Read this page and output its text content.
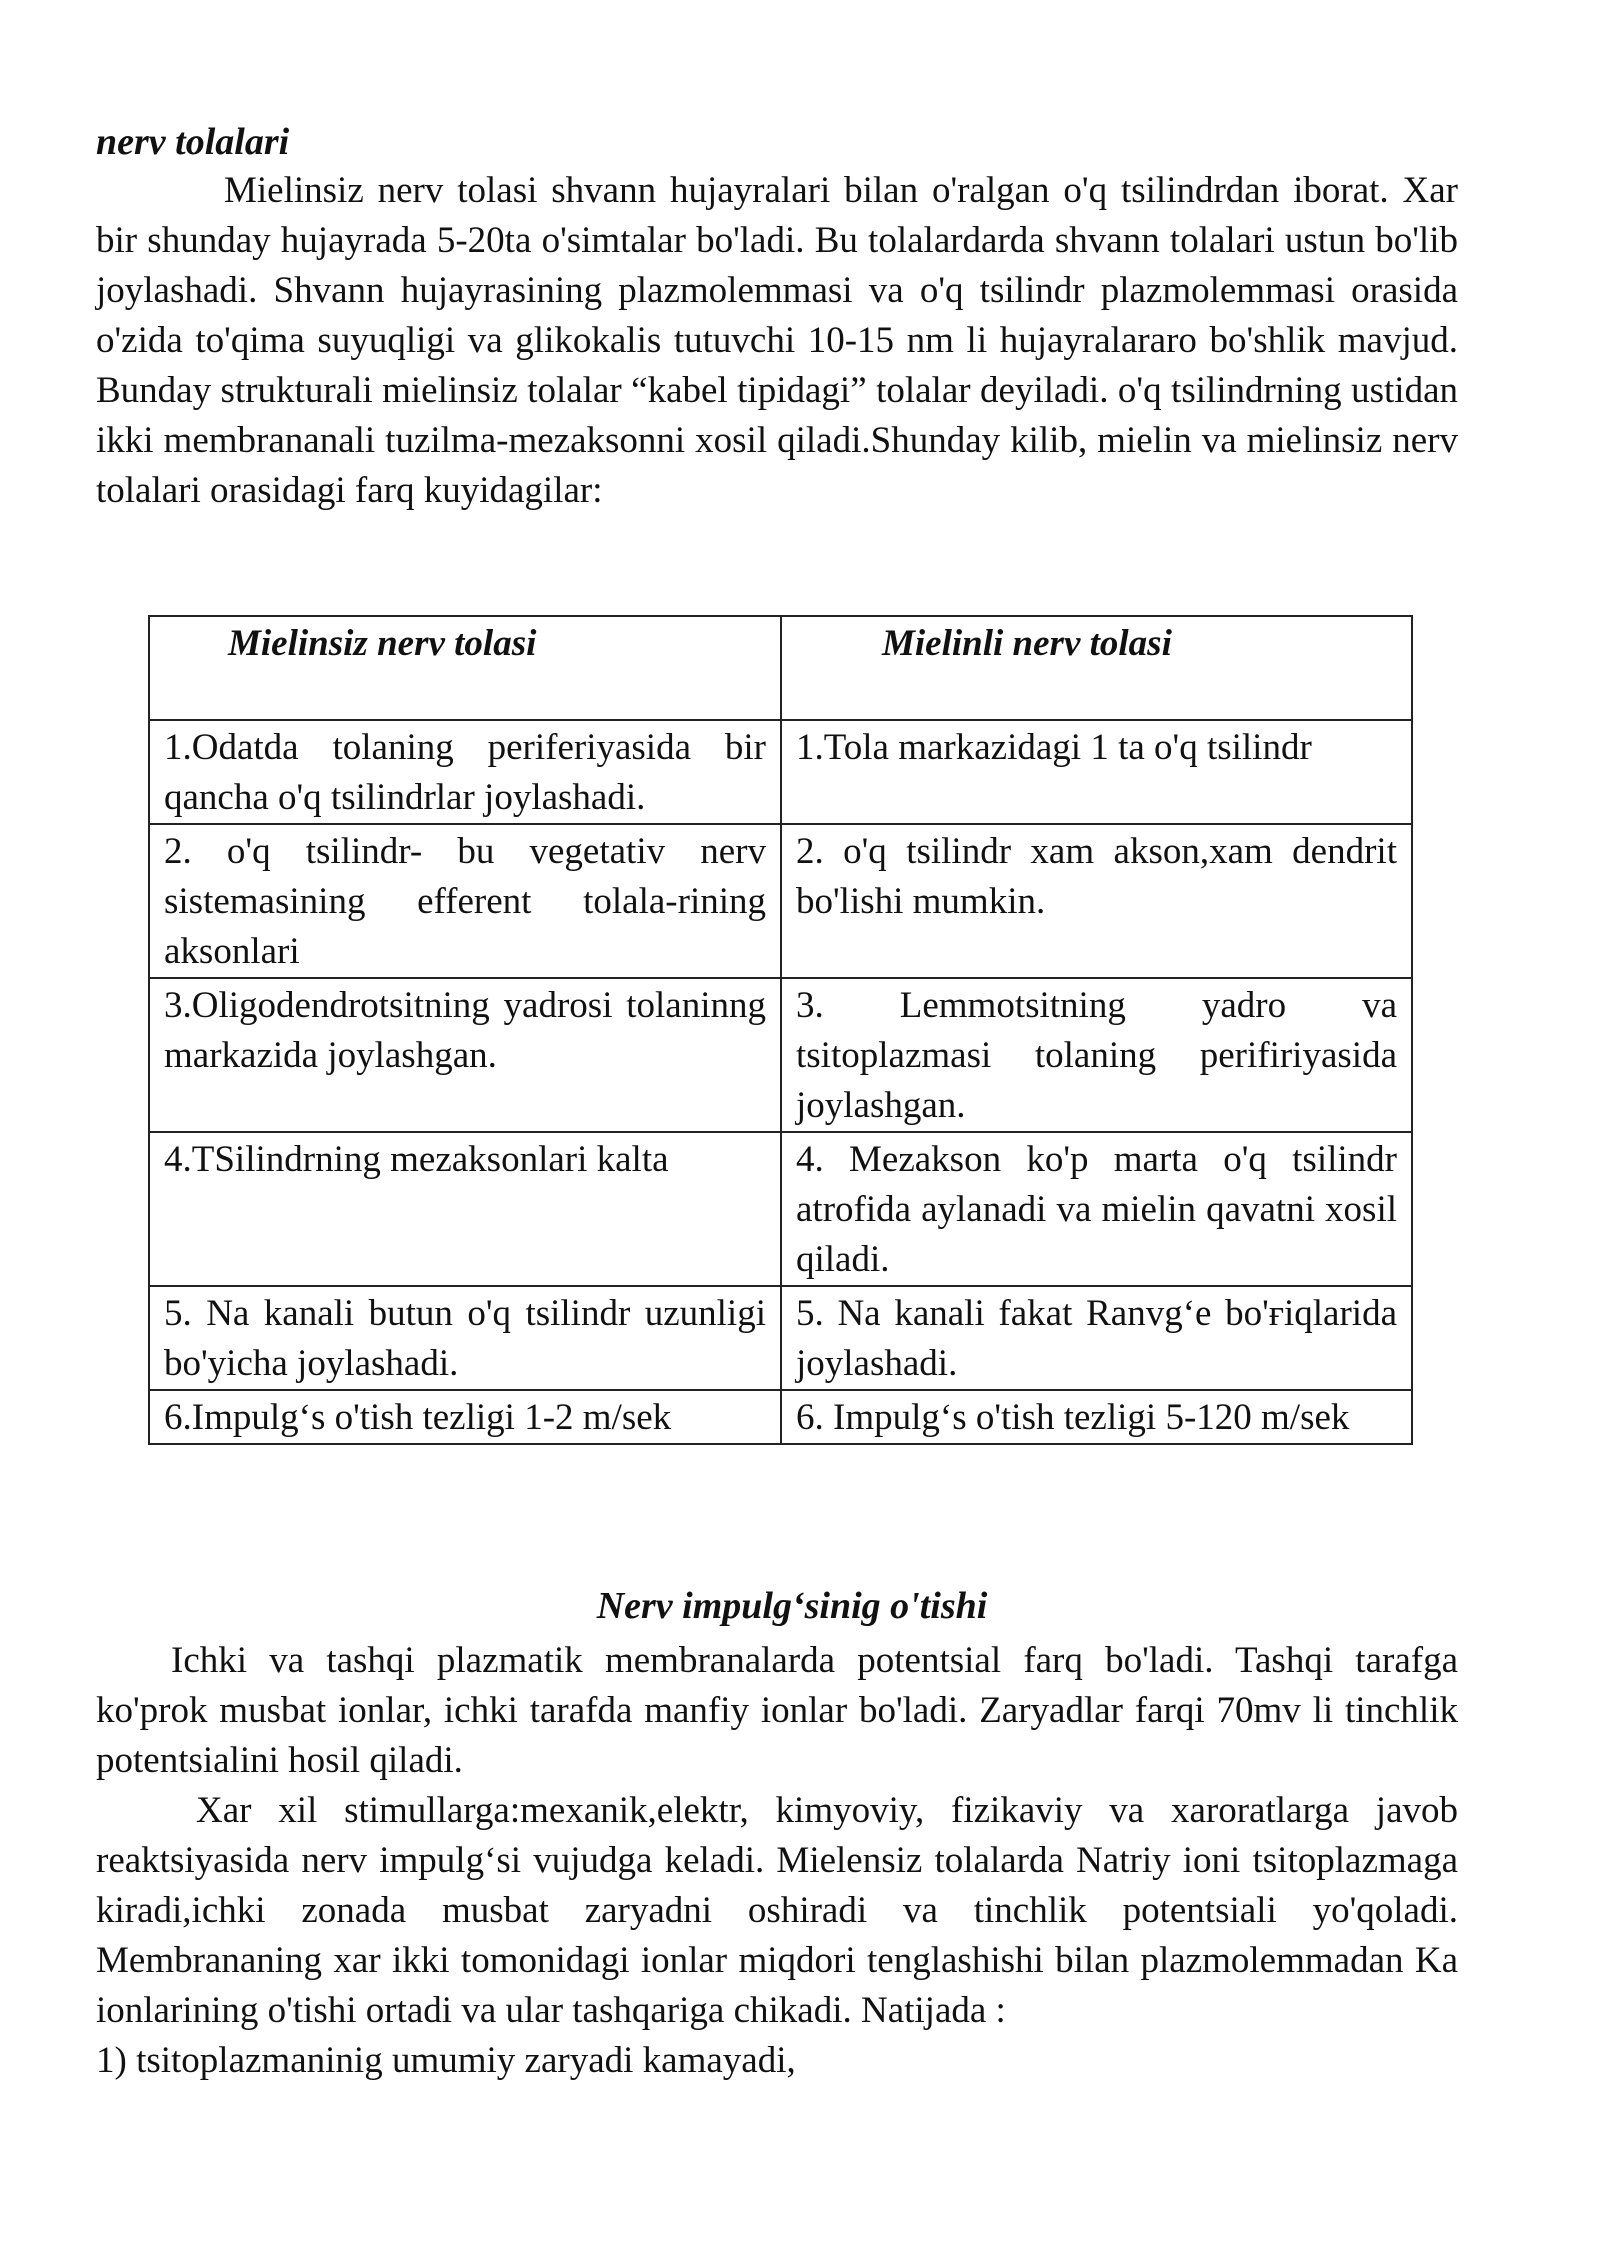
nerv tolalari

Mielinsiz nerv tolasi shvann hujayralari bilan o'ralgan o'q tsilindrdan iborat. Xar bir shunday hujayrada 5-20ta o'simtalar bo'ladi. Bu tolalardarda shvann tolalari ustun bo'lib joylashadi. Shvann hujayrasining plazmolemmasi va o'q tsilindr plazmolemmasi orasida o'zida to'qima suyuqligi va glikokalis tutuvchi 10-15 nm li hujayralararo bo'shlik mavjud. Bunday strukturali mielinsiz tolalar “kabel tipidagi” tolalar deyiladi. o'q tsilindrning ustidan ikki membrananali tuzilma-mezaksonni xosil qiladi.Shunday kilib, mielin va mielinsiz nerv tolalari orasidagi farq kuyidagilar:

Mielinsiz nerv tolasi	Mielinli nerv tolasi
1.Odatda tolaning periferiyasida bir qancha o'q tsilindrlar joylashadi.	1.Tola markazidagi 1 ta o'q tsilindr
2. o'q tsilindr- bu vegetativ nerv sistemasining efferent tolala-rining aksonlari	2. o'q tsilindr xam akson,xam dendrit bo'lishi mumkin.
3.Oligodendrotsitning yadrosi tolaninng markazida joylashgan.	3. Lemmotsitning yadro va tsitoplazmasi tolaning perifiriyasida joylashgan.
4.TSilindrning mezaksonlari kalta	4. Mezakson ko'p marta o'q tsilindr atrofida aylanadi va mielin qavatni xosil qiladi.
5. Na kanali butun o'q tsilindr uzunligi bo'yicha joylashadi.	5. Na kanali fakat Ranvg‘e bo'ғiqlarida joylashadi.
6.Impulg‘s o'tish tezligi 1-2 m/sek	6. Impulg‘s o'tish tezligi 5-120 m/sek
Nerv impulg‘sinig o'tishi

Ichki va tashqi plazmatik membranalarda potentsial farq bo'ladi. Tashqi tarafga ko'prok musbat ionlar, ichki tarafda manfiy ionlar bo'ladi. Zaryadlar farqi 70mv li tinchlik potentsialini hosil qiladi.

Xar xil stimullarga:mexanik,elektr, kimyoviy, fizikaviy va xaroratlarga javob reaktsiyasida nerv impulg‘si vujudga keladi. Mielensiz tolalarda Natriy ioni tsitoplazmaga kiradi,ichki zonada musbat zaryadni oshiradi va tinchlik potentsiali yo'qoladi. Membrananing xar ikki tomonidagi ionlar miqdori tenglashishi bilan plazmolemmadan Ka ionlarining o'tishi ortadi va ular tashqariga chikadi. Natijada :

1) tsitoplazmaninig umumiy zaryadi kamayadi,
